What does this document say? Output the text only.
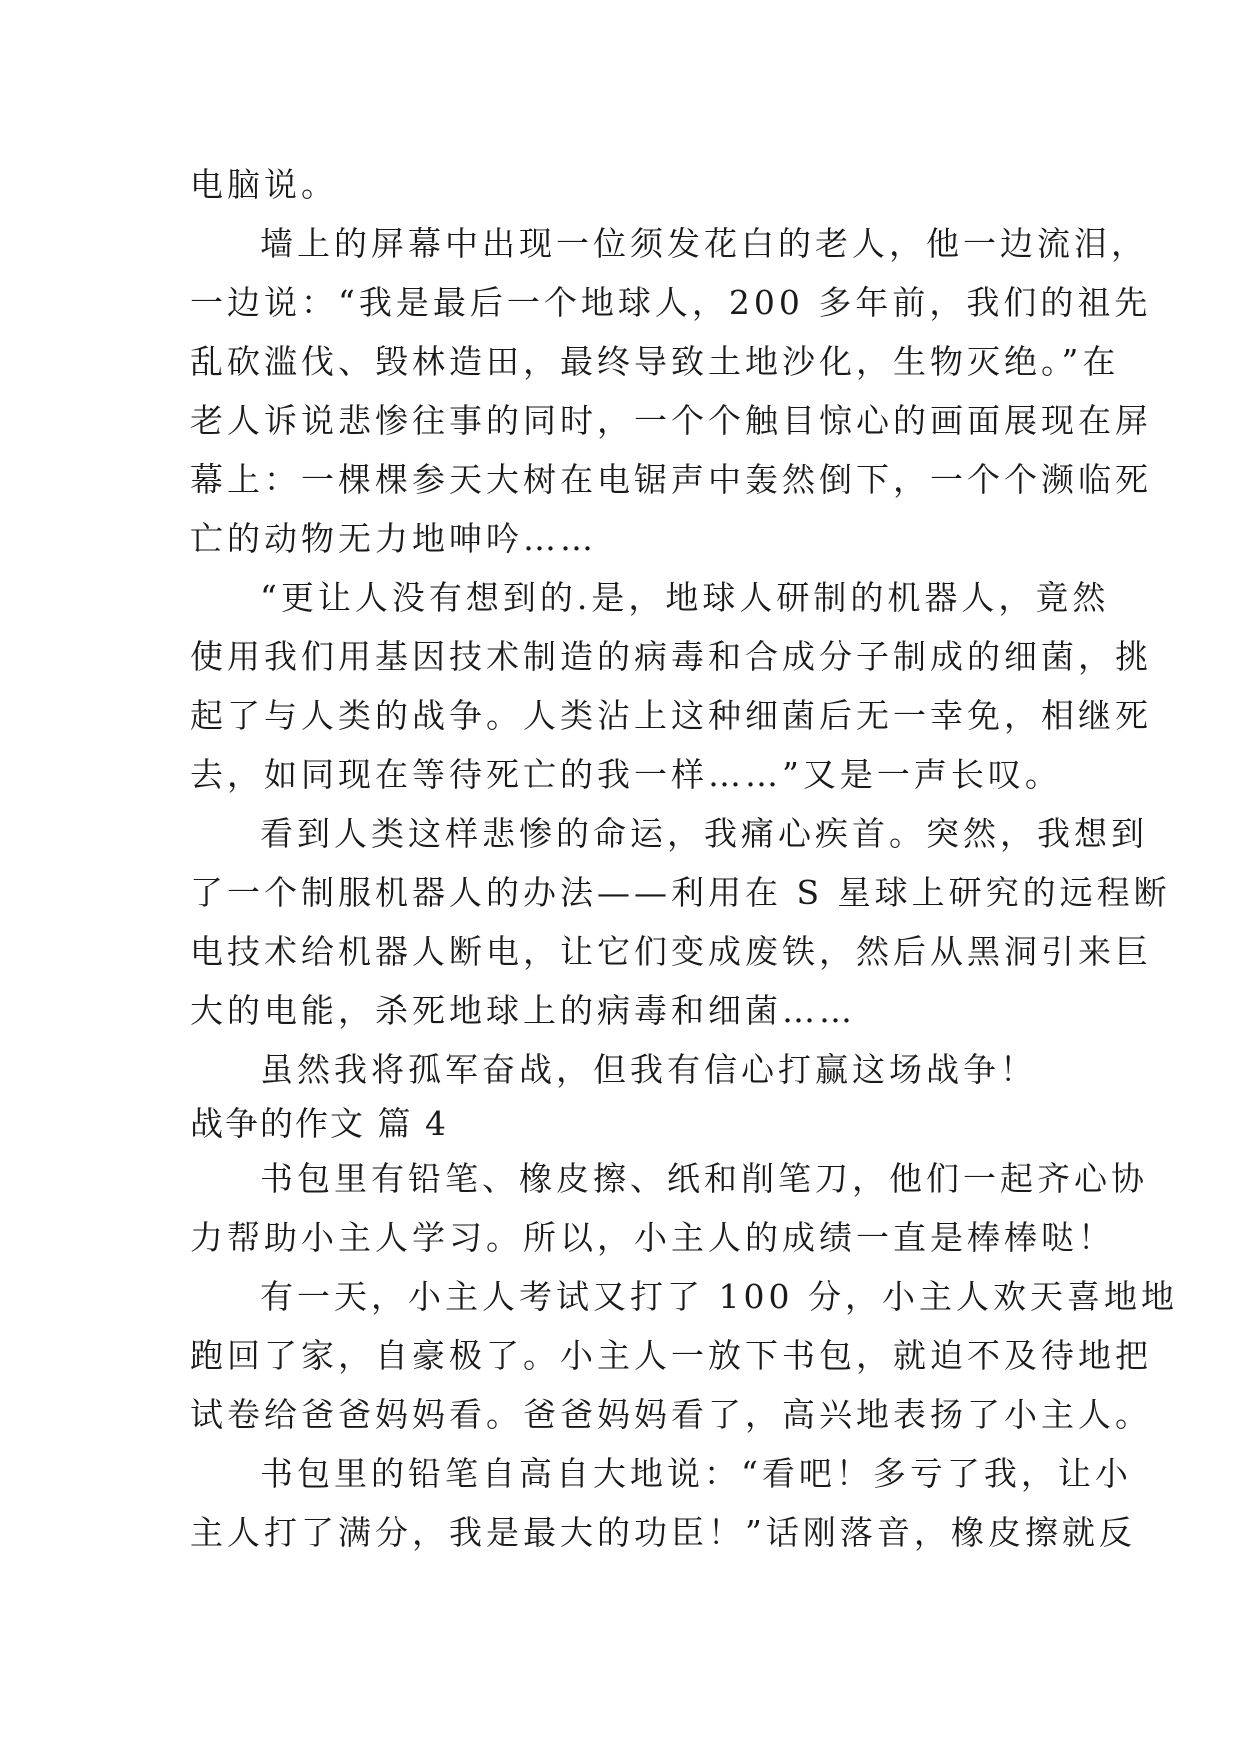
电脑说。
墙上的屏幕中出现一位须发花白的老人，他一边流泪，
一边说：“我是最后一个地球人，200 多年前，我们的祖先
乱砍滥伐、毁林造田，最终导致土地沙化，生物灭绝。”在
老人诉说悲惨往事的同时，一个个触目惊心的画面展现在屏
幕上：一棵棵参天大树在电锯声中轰然倒下，一个个濒临死
亡的动物无力地呻吟……
“更让人没有想到的.是，地球人研制的机器人，竟然
使用我们用基因技术制造的病毒和合成分子制成的细菌，挑
起了与人类的战争。人类沾上这种细菌后无一幸免，相继死
去，如同现在等待死亡的我一样……”又是一声长叹。
看到人类这样悲惨的命运，我痛心疾首。突然，我想到
了一个制服机器人的办法——利用在 S 星球上研究的远程断
电技术给机器人断电，让它们变成废铁，然后从黑洞引来巨
大的电能，杀死地球上的病毒和细菌……
虽然我将孤军奋战，但我有信心打赢这场战争！
战争的作文 篇 4
书包里有铅笔、橡皮擦、纸和削笔刀，他们一起齐心协
力帮助小主人学习。所以，小主人的成绩一直是棒棒哒！
有一天，小主人考试又打了 100 分，小主人欢天喜地地
跑回了家，自豪极了。小主人一放下书包，就迫不及待地把
试卷给爸爸妈妈看。爸爸妈妈看了，高兴地表扬了小主人。
书包里的铅笔自高自大地说：“看吧！多亏了我，让小
主人打了满分，我是最大的功臣！”话刚落音，橡皮擦就反
